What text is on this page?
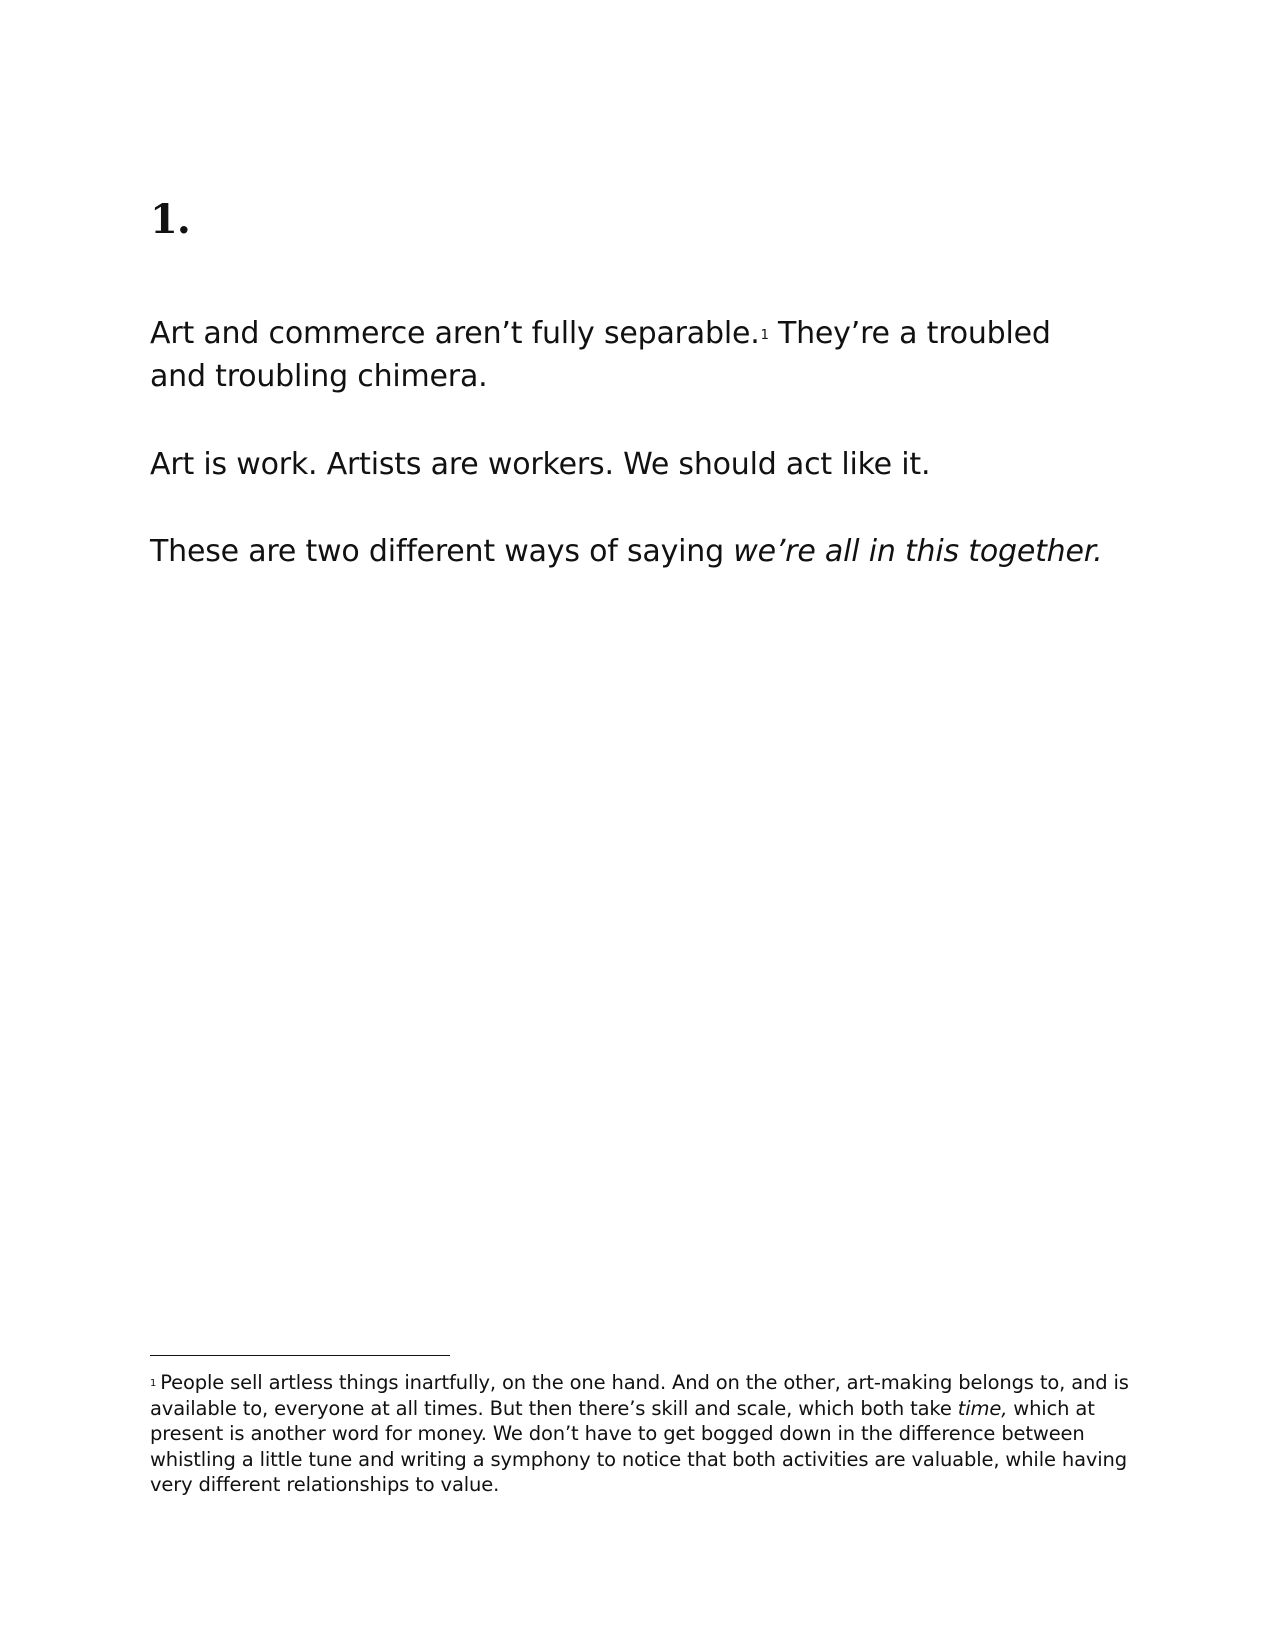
1.

Art and commerce aren’t fully separable.$^1$ They’re a troubled and troubling chimera.

Art is work. Artists are workers. We should act like it.

These are two different ways of saying we’re all in this together.

$^1$ People sell artless things inartfully, on the one hand. And on the other, art-making belongs to, and is available to, everyone at all times. But then there’s skill and scale, which both take time, which at present is another word for money. We don’t have to get bogged down in the difference between whistling a little tune and writing a symphony to notice that both activities are valuable, while having very different relationships to value.
